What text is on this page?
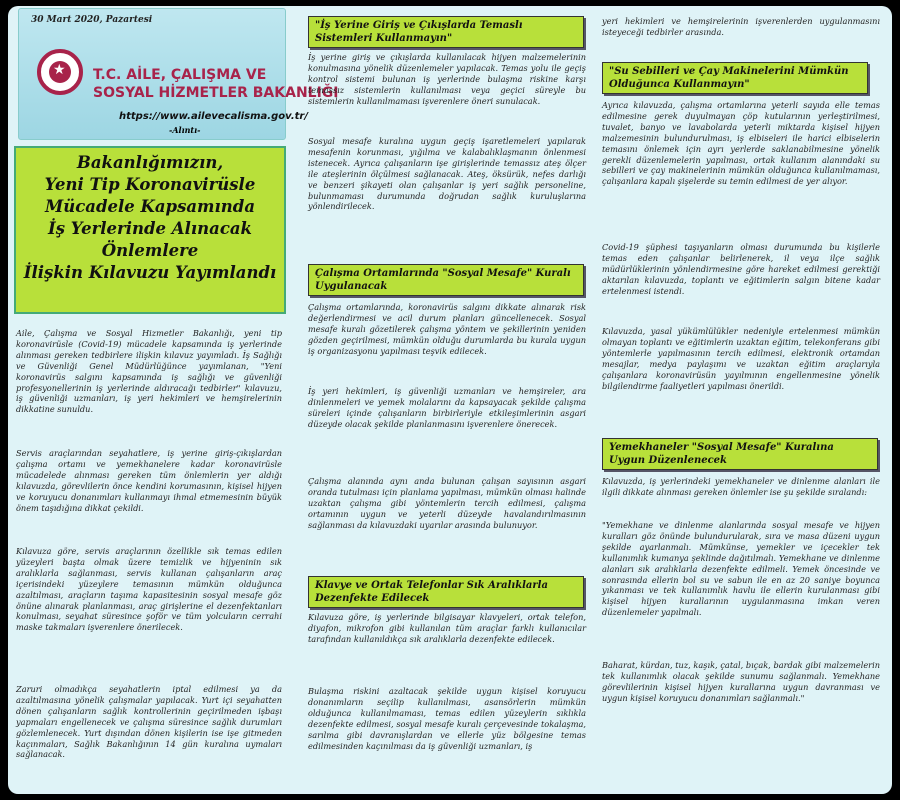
30 Mart 2020, Pazartesi
★
T.C. AİLE, ÇALIŞMA VE
SOSYAL HİZMETLER BAKANLIĞI
https://www.ailevecalisma.gov.tr/
-Alıntı-
Bakanlığımızın,
Yeni Tip Koronavirüsle
Mücadele Kapsamında
İş Yerlerinde Alınacak
Önlemlere
İlişkin Kılavuzu Yayımlandı
Aile, Çalışma ve Sosyal Hizmetler Bakanlığı, yeni tip koronavirüsle (Covid-19) mücadele kapsamında iş yerlerinde alınması gereken tedbirlere ilişkin kılavuz yayımladı. İş Sağlığı ve Güvenliği Genel Müdürlüğünce yayımlanan, "Yeni koronavirüs salgını kapsamında iş sağlığı ve güvenliği profesyonellerinin iş yerlerinde aldıracağı tedbirler" kılavuzu, iş güvenliği uzmanları, iş yeri hekimleri ve hemşirelerinin dikkatine sunuldu.
Servis araçlarından seyahatlere, iş yerine giriş-çıkışlardan çalışma ortamı ve yemekhanelere kadar koronavirüsle mücadelede alınması gereken tüm önlemlerin yer aldığı kılavuzda, görevlilerin önce kendini korumasının, kişisel hijyen ve koruyucu donanımları kullanmayı ihmal etmemesinin büyük önem taşıdığına dikkat çekildi.
Kılavuza göre, servis araçlarının özellikle sık temas edilen yüzeyleri başta olmak üzere temizlik ve hijyeninin sık aralıklarla sağlanması, servis kullanan çalışanların araç içerisindeki yüzeylere temasının mümkün olduğunca azaltılması, araçların taşıma kapasitesinin sosyal mesafe göz önüne alınarak planlanması, araç girişlerine el dezenfektanları konulması, seyahat süresince şoför ve tüm yolcuların cerrahi maske takmaları işverenlere önerilecek.
Zaruri olmadıkça seyahatlerin iptal edilmesi ya da azaltılmasına yönelik çalışmalar yapılacak. Yurt içi seyahatten dönen çalışanların sağlık kontrollerinin geçirilmeden işbaşı yapmaları engellenecek ve çalışma süresince sağlık durumları gözlemlenecek. Yurt dışından dönen kişilerin ise işe gitmeden kaçınmaları, Sağlık Bakanlığının 14 gün kuralına uymaları sağlanacak.
"İş Yerine Giriş ve Çıkışlarda Temaslı Sistemleri Kullanmayın"
İş yerine giriş ve çıkışlarda kullanılacak hijyen malzemelerinin konulmasına yönelik düzenlemeler yapılacak. Temas yolu ile geçiş kontrol sistemi bulunan iş yerlerinde bulaşma riskine karşı temassız sistemlerin kullanılması veya geçici süreyle bu sistemlerin kullanılmaması işverenlere öneri sunulacak.
Sosyal mesafe kuralına uygun geçiş işaretlemeleri yapılarak mesafenin korunması, yığılma ve kalabalıklaşmanın önlenmesi istenecek. Ayrıca çalışanların işe girişlerinde temassız ateş ölçer ile ateşlerinin ölçülmesi sağlanacak. Ateş, öksürük, nefes darlığı ve benzeri şikayeti olan çalışanlar iş yeri sağlık personeline, bulunmaması durumunda doğrudan sağlık kuruluşlarına yönlendirilecek.
Çalışma Ortamlarında "Sosyal Mesafe" Kuralı Uygulanacak
Çalışma ortamlarında, koronavirüs salgını dikkate alınarak risk değerlendirmesi ve acil durum planları güncellenecek. Sosyal mesafe kuralı gözetilerek çalışma yöntem ve şekillerinin yeniden gözden geçirilmesi, mümkün olduğu durumlarda bu kurala uygun iş organizasyonu yapılması teşvik edilecek.
İş yeri hekimleri, iş güvenliği uzmanları ve hemşireler, ara dinlenmeleri ve yemek molalarını da kapsayacak şekilde çalışma süreleri içinde çalışanların birbirleriyle etkileşimlerinin asgari düzeyde olacak şekilde planlanmasını işverenlere önerecek.
Çalışma alanında aynı anda bulunan çalışan sayısının asgari oranda tutulması için planlama yapılması, mümkün olması halinde uzaktan çalışma gibi yöntemlerin tercih edilmesi, çalışma ortamının uygun ve yeterli düzeyde havalandırılmasının sağlanması da kılavuzdaki uyarılar arasında bulunuyor.
Klavye ve Ortak Telefonlar Sık Aralıklarla Dezenfekte Edilecek
Kılavuza göre, iş yerlerinde bilgisayar klavyeleri, ortak telefon, diyafon, mikrofon gibi kullanılan tüm araçlar farklı kullanıcılar tarafından kullanıldıkça sık aralıklarla dezenfekte edilecek.
Bulaşma riskini azaltacak şekilde uygun kişisel koruyucu donanımların seçilip kullanılması, asansörlerin mümkün olduğunca kullanılmaması, temas edilen yüzeylerin sıklıkla dezenfekte edilmesi, sosyal mesafe kuralı çerçevesinde tokalaşma, sarılma gibi davranışlardan ve ellerle yüz bölgesine temas edilmesinden kaçınılması da iş güvenliği uzmanları, iş
yeri hekimleri ve hemşirelerinin işverenlerden uygulanmasını isteyeceği tedbirler arasında.
"Su Sebilleri ve Çay Makinelerini Mümkün Olduğunca Kullanmayın"
Ayrıca kılavuzda, çalışma ortamlarına yeterli sayıda elle temas edilmesine gerek duyulmayan çöp kutularının yerleştirilmesi, tuvalet, banyo ve lavabolarda yeterli miktarda kişisel hijyen malzemesinin bulundurulması, iş elbiseleri ile harici elbiselerin temasını önlemek için ayrı yerlerde saklanabilmesine yönelik gerekli düzenlemelerin yapılması, ortak kullanım alanındaki su sebilleri ve çay makinelerinin mümkün olduğunca kullanılmaması, çalışanlara kapalı şişelerde su temin edilmesi de yer alıyor.
Covid-19 şüphesi taşıyanların olması durumunda bu kişilerle temas eden çalışanlar belirlenerek, il veya ilçe sağlık müdürlüklerinin yönlendirmesine göre hareket edilmesi gerektiği aktarılan kılavuzda, toplantı ve eğitimlerin salgın bitene kadar ertelenmesi istendi.
Kılavuzda, yasal yükümlülükler nedeniyle ertelenmesi mümkün olmayan toplantı ve eğitimlerin uzaktan eğitim, telekonferans gibi yöntemlerle yapılmasının tercih edilmesi, elektronik ortamdan mesajlar, medya paylaşımı ve uzaktan eğitim araçlarıyla çalışanlara koronavirüsün yayılmının engellenmesine yönelik bilgilendirme faaliyetleri yapılması önerildi.
Yemekhaneler "Sosyal Mesafe" Kuralına Uygun Düzenlenecek
Kılavuzda, iş yerlerindeki yemekhaneler ve dinlenme alanları ile ilgili dikkate alınması gereken önlemler ise şu şekilde sıralandı:
"Yemekhane ve dinlenme alanlarında sosyal mesafe ve hijyen kuralları göz önünde bulundurularak, sıra ve masa düzeni uygun şekilde ayarlanmalı. Mümkünse, yemekler ve içecekler tek kullanımlık kumanya şeklinde dağıtılmalı. Yemekhane ve dinlenme alanları sık aralıklarla dezenfekte edilmeli. Yemek öncesinde ve sonrasında ellerin bol su ve sabun ile en az 20 saniye boyunca yıkanması ve tek kullanımlık havlu ile ellerin kurulanması gibi kişisel hijyen kurallarının uygulanmasına imkan veren düzenlemeler yapılmalı.
Baharat, kürdan, tuz, kaşık, çatal, bıçak, bardak gibi malzemelerin tek kullanımlık olacak şekilde sunumu sağlanmalı. Yemekhane görevlilerinin kişisel hijyen kurallarına uygun davranması ve uygun kişisel koruyucu donanımları sağlanmalı."
